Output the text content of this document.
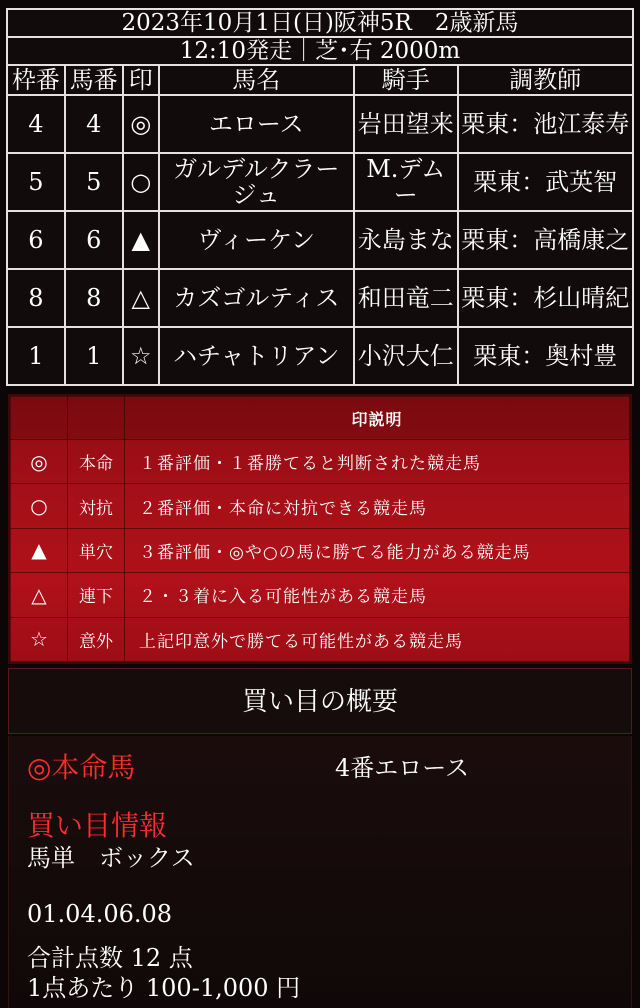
2023年10月1日(日)阪神5R　2歳新馬					
12:10発走｜芝･右 2000m					
枠番	馬番	印	馬名	騎手	調教師
4	4	◎	エロース	岩田望来	栗東：池江泰寿
5	5	○	ガルデルクラージュ	M.デムー	栗東：武英智
6	6	▲	ヴィーケン	永島まな	栗東：高橋康之
8	8	△	カズゴルティス	和田竜二	栗東：杉山晴紀
1	1	☆	ハチャトリアン	小沢大仁	栗東：奥村豊
		印説明
◎	本命	１番評価・１番勝てると判断された競走馬
○	対抗	２番評価・本命に対抗できる競走馬
▲	単穴	３番評価・◎や○の馬に勝てる能力がある競走馬
△	連下	２・３着に入る可能性がある競走馬
☆	意外	上記印意外で勝てる可能性がある競走馬
買い目の概要
◎本命馬	4番エロース
買い目情報
馬単　ボックス
01.04.06.08
合計点数 12 点
1点あたり 100-1,000 円
